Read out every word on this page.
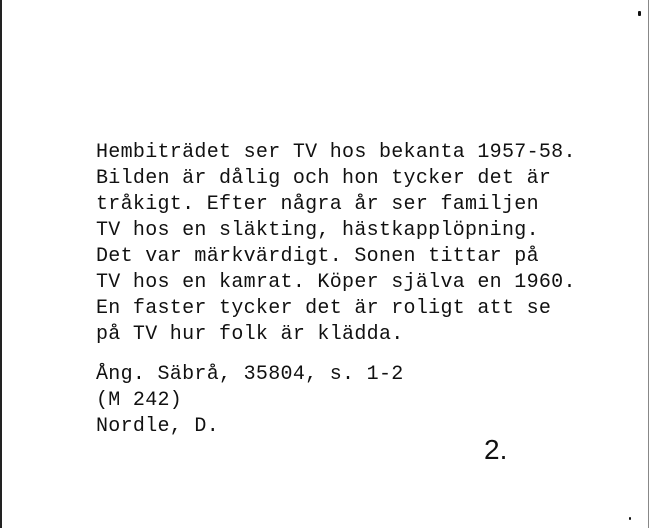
Hembiträdet ser TV hos bekanta 1957-58.
Bilden är dålig och hon tycker det är
tråkigt. Efter några år ser familjen
TV hos en släkting, hästkapplöpning.
Det var märkvärdigt. Sonen tittar på
TV hos en kamrat. Köper själva en 1960.
En faster tycker det är roligt att se
på TV hur folk är klädda.
Ång. Säbrå, 35804, s. 1-2
(M 242)
Nordle, D.
2.
